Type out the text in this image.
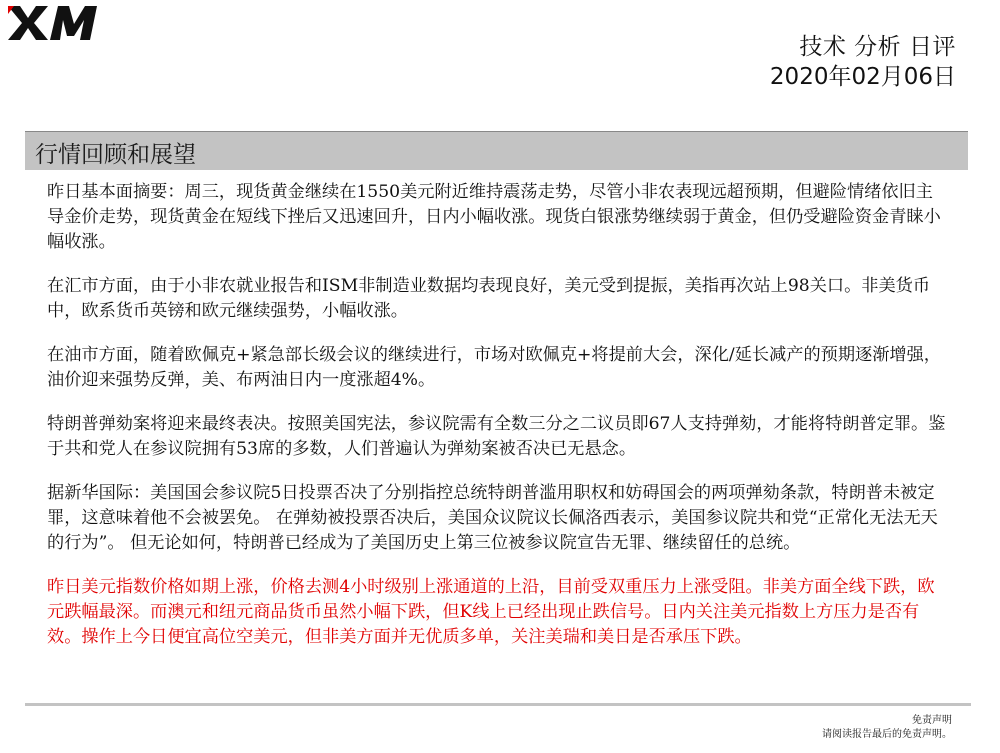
技术 分析 日评
2020年02月06日
行情回顾和展望

昨日基本面摘要：周三，现货黄金继续在1550美元附近维持震荡走势，尽管小非农表现远超预期，但避险情绪依旧主导金价走势，现货黄金在短线下挫后又迅速回升，日内小幅收涨。现货白银涨势继续弱于黄金，但仍受避险资金青睐小幅收涨。

在汇市方面，由于小非农就业报告和ISM非制造业数据均表现良好，美元受到提振，美指再次站上98关口。非美货币中，欧系货币英镑和欧元继续强势，小幅收涨。

在油市方面，随着欧佩克+紧急部长级会议的继续进行，市场对欧佩克+将提前大会，深化/延长减产的预期逐渐增强，油价迎来强势反弹，美、布两油日内一度涨超4%。

特朗普弹劾案将迎来最终表决。按照美国宪法，参议院需有全数三分之二议员即67人支持弹劾，才能将特朗普定罪。鉴于共和党人在参议院拥有53席的多数，人们普遍认为弹劾案被否决已无悬念。

据新华国际：美国国会参议院5日投票否决了分别指控总统特朗普滥用职权和妨碍国会的两项弹劾条款，特朗普未被定罪，这意味着他不会被罢免。 在弹劾被投票否决后，美国众议院议长佩洛西表示，美国参议院共和党“正常化无法无天的行为”。 但无论如何，特朗普已经成为了美国历史上第三位被参议院宣告无罪、继续留任的总统。

昨日美元指数价格如期上涨，价格去测4小时级别上涨通道的上沿，目前受双重压力上涨受阻。非美方面全线下跌，欧元跌幅最深。而澳元和纽元商品货币虽然小幅下跌，但K线上已经出现止跌信号。日内关注美元指数上方压力是否有效。操作上今日便宜高位空美元，但非美方面并无优质多单，关注美瑞和美日是否承压下跌。

免责声明
请阅读报告最后的免责声明。
